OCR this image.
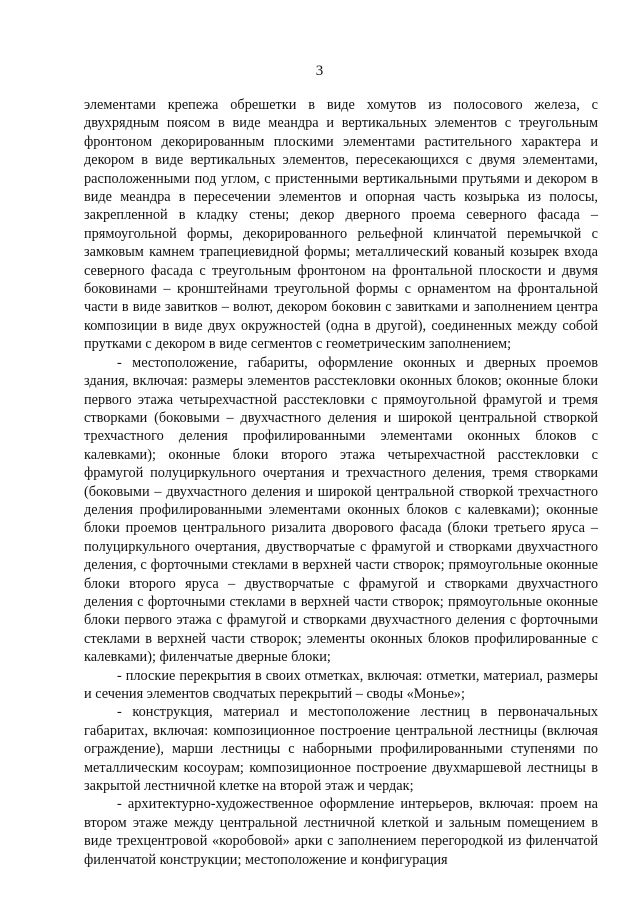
3

элементами крепежа обрешетки в виде хомутов из полосового железа, с двухрядным поясом в виде меандра и вертикальных элементов с треугольным фронтоном декорированным плоскими элементами растительного характера и декором в виде вертикальных элементов, пересекающихся с двумя элементами, расположенными под углом, с пристенными вертикальными прутьями и декором в виде меандра в пересечении элементов и опорная часть козырька из полосы, закрепленной в кладку стены; декор дверного проема северного фасада – прямоугольной формы, декорированного рельефной клинчатой перемычкой с замковым камнем трапециевидной формы; металлический кованый козырек входа северного фасада с треугольным фронтоном на фронтальной плоскости и двумя боковинами – кронштейнами треугольной формы с орнаментом на фронтальной части в виде завитков – волют, декором боковин с завитками и заполнением центра композиции в виде двух окружностей (одна в другой), соединенных между собой прутками с декором в виде сегментов с геометрическим заполнением;

- местоположение, габариты, оформление оконных и дверных проемов здания, включая: размеры элементов расстекловки оконных блоков; оконные блоки первого этажа четырехчастной расстекловки с прямоугольной фрамугой и тремя створками (боковыми – двухчастного деления и широкой центральной створкой трехчастного деления профилированными элементами оконных блоков с калевками); оконные блоки второго этажа четырехчастной расстекловки с фрамугой полуциркульного очертания и трехчастного деления, тремя створками (боковыми – двухчастного деления и широкой центральной створкой трехчастного деления профилированными элементами оконных блоков с калевками); оконные блоки проемов центрального ризалита дворового фасада (блоки третьего яруса – полуциркульного очертания, двустворчатые с фрамугой и створками двухчастного деления, с форточными стеклами в верхней части створок; прямоугольные оконные блоки второго яруса – двустворчатые с фрамугой и створками двухчастного деления с форточными стеклами в верхней части створок; прямоугольные оконные блоки первого этажа с фрамугой и створками двухчастного деления с форточными стеклами в верхней части створок; элементы оконных блоков профилированные с калевками); филенчатые дверные блоки;

- плоские перекрытия в своих отметках, включая: отметки, материал, размеры и сечения элементов сводчатых перекрытий – своды «Монье»;

- конструкция, материал и местоположение лестниц в первоначальных габаритах, включая: композиционное построение центральной лестницы (включая ограждение), марши лестницы с наборными профилированными ступенями по металлическим косоурам; композиционное построение двухмаршевой лестницы в закрытой лестничной клетке на второй этаж и чердак;

- архитектурно-художественное оформление интерьеров, включая: проем на втором этаже между центральной лестничной клеткой и зальным помещением в виде трехцентровой «коробовой» арки с заполнением перегородкой из филенчатой филенчатой конструкции; местоположение и конфигурация
